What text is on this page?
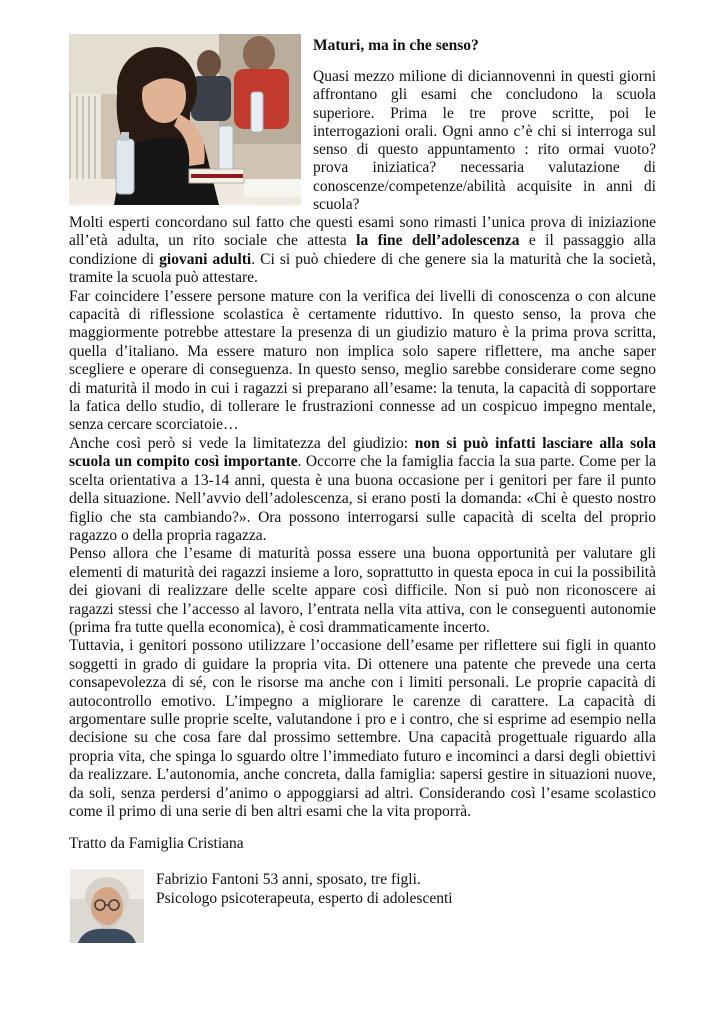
Maturi, ma in che senso?
Quasi mezzo milione di diciannovenni in questi giorni affrontano gli esami che concludono la scuola superiore. Prima le tre prove scritte, poi le interrogazioni orali. Ogni anno c’è chi si interroga sul senso di questo appuntamento : rito ormai vuoto? prova iniziatica? necessaria valutazione di conoscenze/competenze/abilità acquisite in anni di scuola?

Molti esperti concordano sul fatto che questi esami sono rimasti l’unica prova di iniziazione all’età adulta, un rito sociale che attesta la fine dell’adolescenza e il passaggio alla condizione di giovani adulti. Ci si può chiedere di che genere sia la maturità che la società, tramite la scuola può attestare.

Far coincidere l’essere persone mature con la verifica dei livelli di conoscenza o con alcune capacità di riflessione scolastica è certamente riduttivo. In questo senso, la prova che maggiormente potrebbe attestare la presenza di un giudizio maturo è la prima prova scritta, quella d’italiano. Ma essere maturo non implica solo sapere riflettere, ma anche saper scegliere e operare di conseguenza. In questo senso, meglio sarebbe considerare come segno di maturità il modo in cui i ragazzi si preparano all’esame: la tenuta, la capacità di sopportare la fatica dello studio, di tollerare le frustrazioni connesse ad un cospicuo impegno mentale, senza cercare scorciatoie…

Anche così però si vede la limitatezza del giudizio: non si può infatti lasciare alla sola scuola un compito così importante. Occorre che la famiglia faccia la sua parte. Come per la scelta orientativa a 13-14 anni, questa è una buona occasione per i genitori per fare il punto della situazione. Nell’avvio dell’adolescenza, si erano posti la domanda: «Chi è questo nostro figlio che sta cambiando?». Ora possono interrogarsi sulle capacità di scelta del proprio ragazzo o della propria ragazza.

Penso allora che l’esame di maturità possa essere una buona opportunità per valutare gli elementi di maturità dei ragazzi insieme a loro, soprattutto in questa epoca in cui la possibilità dei giovani di realizzare delle scelte appare così difficile. Non si può non riconoscere ai ragazzi stessi che l’accesso al lavoro, l’entrata nella vita attiva, con le conseguenti autonomie (prima fra tutte quella economica), è così drammaticamente incerto.

Tuttavia, i genitori possono utilizzare l’occasione dell’esame per riflettere sui figli in quanto soggetti in grado di guidare la propria vita. Di ottenere una patente che prevede una certa consapevolezza di sé, con le risorse ma anche con i limiti personali. Le proprie capacità di autocontrollo emotivo. L’impegno a migliorare le carenze di carattere. La capacità di argomentare sulle proprie scelte, valutandone i pro e i contro, che si esprime ad esempio nella decisione su che cosa fare dal prossimo settembre. Una capacità progettuale riguardo alla propria vita, che spinga lo sguardo oltre l’immediato futuro e incominci a darsi degli obiettivi da realizzare. L’autonomia, anche concreta, dalla famiglia: sapersi gestire in situazioni nuove, da soli, senza perdersi d’animo o appoggiarsi ad altri. Considerando così l’esame scolastico come il primo di una serie di ben altri esami che la vita proporrà.

Tratto da Famiglia Cristiana
Fabrizio Fantoni 53 anni, sposato, tre figli.
Psicologo psicoterapeuta, esperto di adolescenti
